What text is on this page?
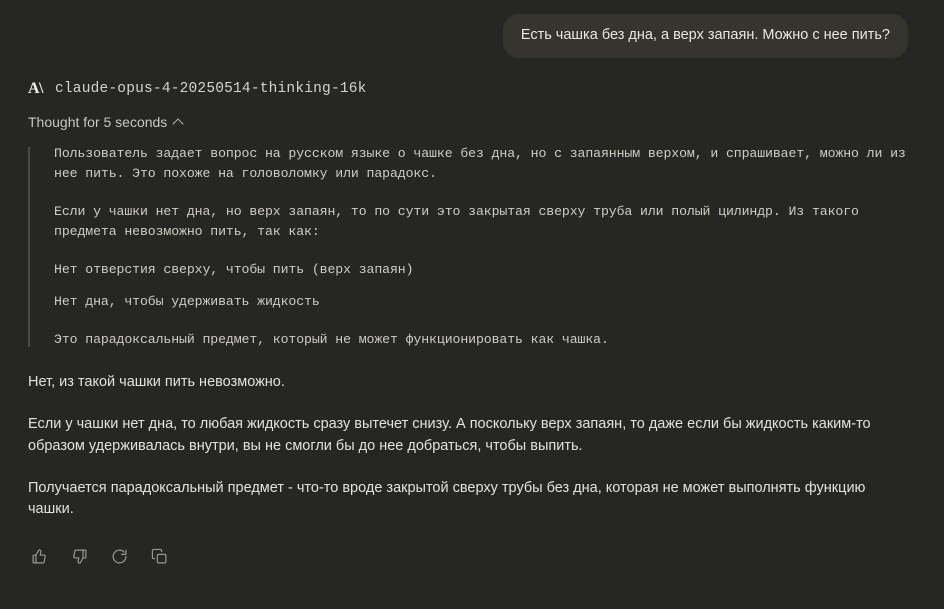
Есть чашка без дна, а верх запаян. Можно с нее пить?
A\ claude-opus-4-20250514-thinking-16k
Thought for 5 seconds

Пользователь задает вопрос на русском языке о чашке без дна, но с запаянным верхом, и спрашивает, можно ли из нее пить. Это похоже на головоломку или парадокс.

Если у чашки нет дна, но верх запаян, то по сути это закрытая сверху труба или полый цилиндр. Из такого предмета невозможно пить, так как:

Нет отверстия сверху, чтобы пить (верх запаян)

Нет дна, чтобы удерживать жидкость

Это парадоксальный предмет, который не может функционировать как чашка.

Нет, из такой чашки пить невозможно.

Если у чашки нет дна, то любая жидкость сразу вытечет снизу. А поскольку верх запаян, то даже если бы жидкость каким-то образом удерживалась внутри, вы не смогли бы до нее добраться, чтобы выпить.

Получается парадоксальный предмет - что-то вроде закрытой сверху трубы без дна, которая не может выполнять функцию чашки.
